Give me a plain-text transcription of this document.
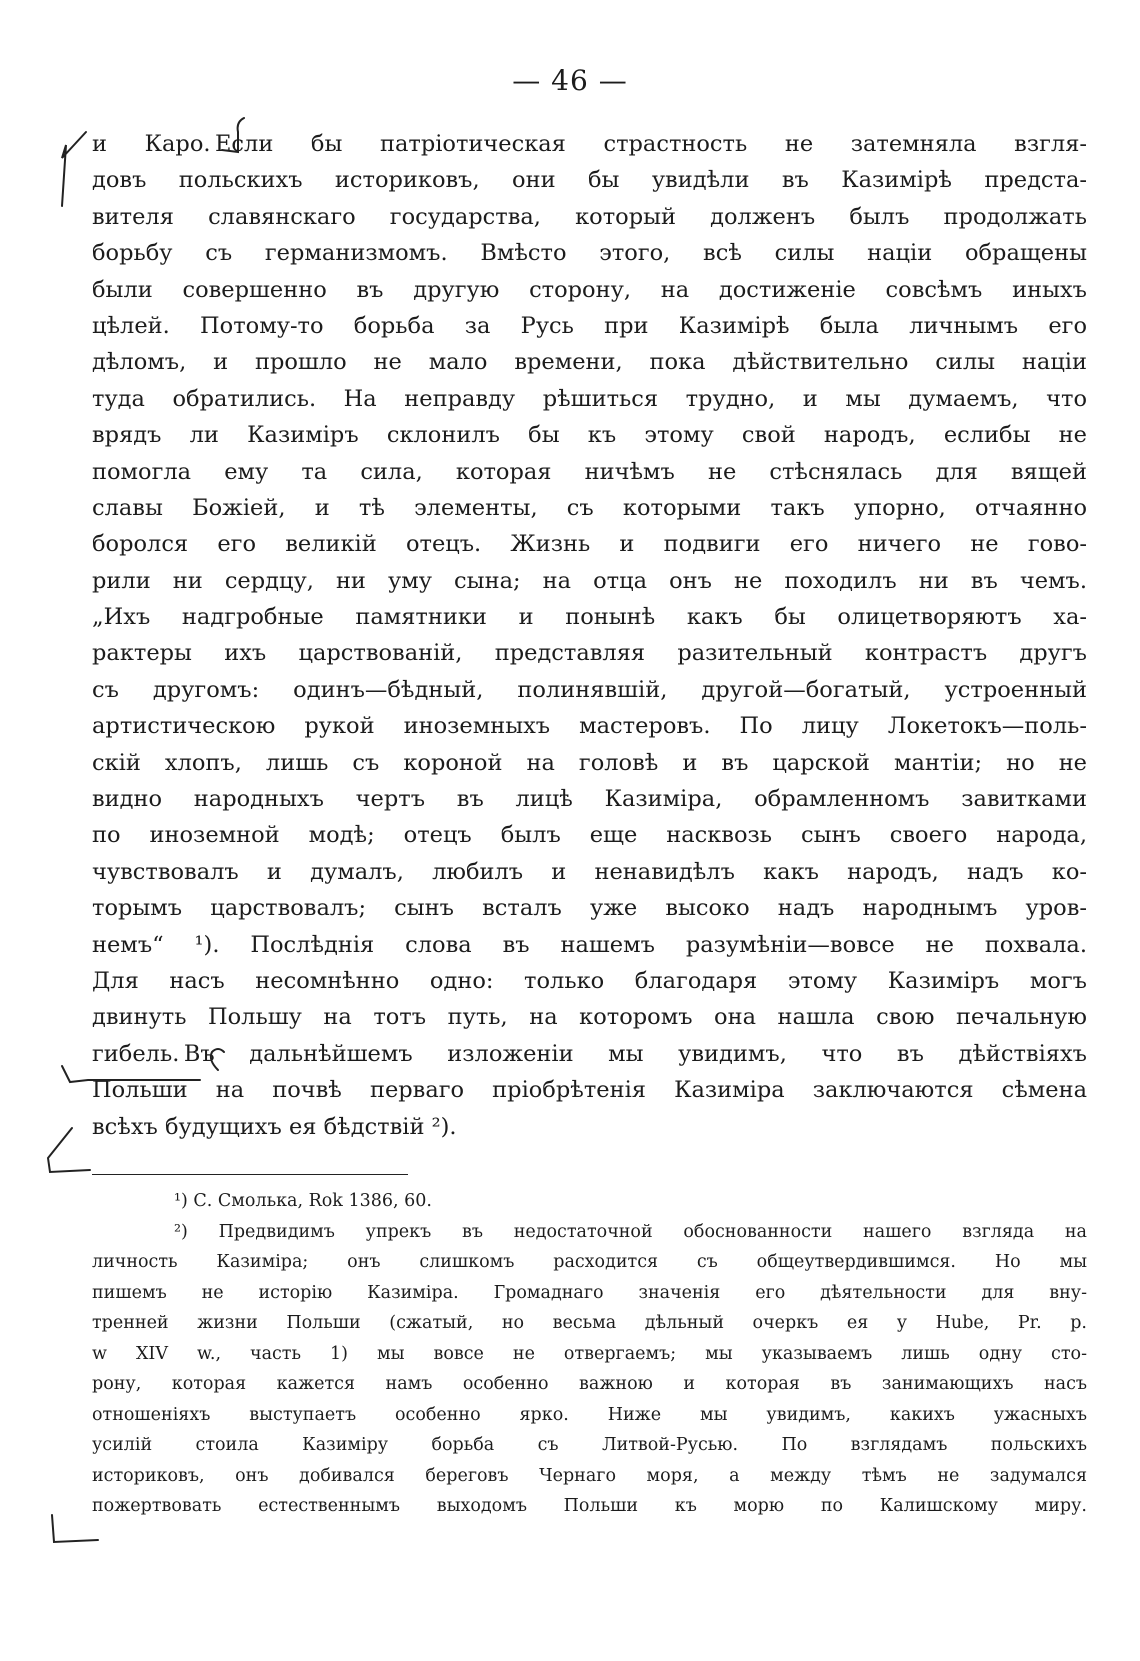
— 46 —
и Каро. Если бы патріотическая страстность не затемняла взгля-
довъ польскихъ историковъ, они бы увидѣли въ Казимірѣ предста-
вителя славянскаго государства, который долженъ былъ продолжать
борьбу съ германизмомъ. Вмѣсто этого, всѣ силы націи обращены
были совершенно въ другую сторону, на достиженіе совсѣмъ иныхъ
цѣлей. Потому-то борьба за Русь при Казимірѣ была личнымъ его
дѣломъ, и прошло не мало времени, пока дѣйствительно силы націи
туда обратились. На неправду рѣшиться трудно, и мы думаемъ, что
врядъ ли Казиміръ склонилъ бы къ этому свой народъ, еслибы не
помогла ему та сила, которая ничѣмъ не стѣснялась для вящей
славы Божіей, и тѣ элементы, съ которыми такъ упорно, отчаянно
боролся его великій отецъ. Жизнь и подвиги его ничего не гово-
рили ни сердцу, ни уму сына; на отца онъ не походилъ ни въ чемъ.
„Ихъ надгробные памятники и понынѣ какъ бы олицетворяютъ ха-
рактеры ихъ царствованій, представляя разительный контрастъ другъ
съ другомъ: одинъ—бѣдный, полинявшій, другой—богатый, устроенный
артистическою рукой иноземныхъ мастеровъ. По лицу Локетокъ—поль-
скій хлопъ, лишь съ короной на головѣ и въ царской мантіи; но не
видно народныхъ чертъ въ лицѣ Казиміра, обрамленномъ завитками
по иноземной модѣ; отецъ былъ еще насквозь сынъ своего народа,
чувствовалъ и думалъ, любилъ и ненавидѣлъ какъ народъ, надъ ко-
торымъ царствовалъ; сынъ всталъ уже высоко надъ народнымъ уров-
немъ“ ¹). Послѣднія слова въ нашемъ разумѣніи—вовсе не похвала.
Для насъ несомнѣнно одно: только благодаря этому Казиміръ могъ
двинуть Польшу на тотъ путь, на которомъ она нашла свою печальную
гибель. Въ дальнѣйшемъ изложеніи мы увидимъ, что въ дѣйствіяхъ
Польши на почвѣ перваго пріобрѣтенія Казиміра заключаются сѣмена
всѣхъ будущихъ ея бѣдствій ²).
¹) С. Смолька, Rok 1386, 60.
²) Предвидимъ упрекъ въ недостаточной обоснованности нашего взгляда на
личность Казиміра; онъ слишкомъ расходится съ общеутвердившимся. Но мы
пишемъ не исторію Казиміра. Громаднаго значенія его дѣятельности для вну-
тренней жизни Польши (сжатый, но весьма дѣльный очеркъ ея у Hube, Pr. p.
w XIV w., часть 1) мы вовсе не отвергаемъ; мы указываемъ лишь одну сто-
рону, которая кажется намъ особенно важною и которая въ занимающихъ насъ
отношеніяхъ выступаетъ особенно ярко. Ниже мы увидимъ, какихъ ужасныхъ
усилій стоила Казиміру борьба съ Литвой-Русью. По взглядамъ польскихъ
историковъ, онъ добивался береговъ Чернаго моря, а между тѣмъ не задумался
пожертвовать естественнымъ выходомъ Польши къ морю по Калишскому миру.
